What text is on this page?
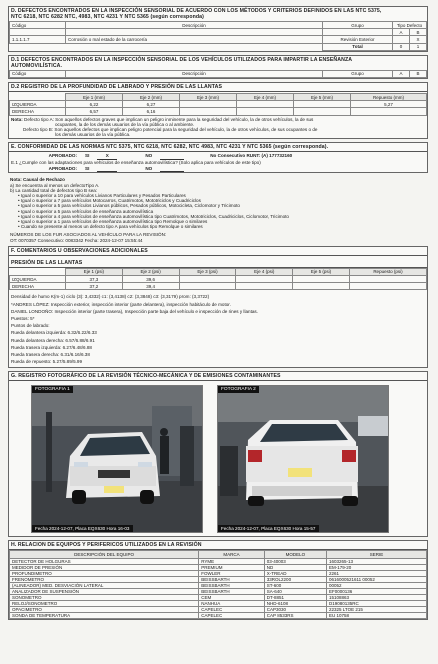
D. DEFECTOS ENCONTRADOS EN LA INSPECCIÓN SENSORIAL DE ACUERDO CON LOS MÉTODOS Y CRITERIOS DEFINIDOS EN LAS NTC 5375,
NTC 6218, NTC 6282 NTC, 4983, NTC 4231 Y NTC 5365 (según corresponda)
Código	Descripción	Grupo	Tipo Defecto	
			A	B
1.1.1.1.7	Corrosión o mal estado de la carrocería	Revisión Exterior		X
		Total	0	1
D.1 DEFECTOS ENCONTRADOS EN LA INSPECCIÓN SENSORIAL DE LOS VEHÍCULOS UTILIZADOS PARA IMPARTIR LA ENSEÑANZA
AUTOMOVILÍSTICA.
Código	Descripción	Grupo	A	B
D.2 REGISTRO DE LA PROFUNDIDAD DE LABRADO Y PRESIÓN DE LAS LLANTAS
	Eje 1 (mm)	Eje 2 (mm)	Eje 3 (mm)	Eje 4 (mm)	Eje 5 (mm)	Repuesto (mm)
IZQUIERDA	6,22	6,27				5,27
DERECHA	6,57	6,16				
Nota: Defecto tipo A: Son aquellos defectos graves que implican un peligro inminente para la seguridad del vehículo, la de otros vehículos, la de sus
ocupantes, la de los demás usuarios de la vía pública o al ambiente.
Defecto tipo B: Son aquellos defectos que implican peligro potencial para la seguridad del vehículo, la de otros vehículos, de sus ocupantes o de
los demás usuarios de la vía pública.
E. CONFORMIDAD DE LAS NORMAS NTC 5375, NTC 6218, NTC 6282, NTC 4983, NTC 4231 Y NTC 5365 (según corresponda).
APROBADO: SI	X	NO	No Consecutivo RUNT: (A) 177732160
E.1 ¿Cumple con las adaptaciones para vehículos de enseñanza automovilística? (Solo aplica para vehículos de este tipo)
APROBADO: SI	NO
Nota: Causal de Rechazo
a) Se encuentra al menos un defectoTipo A.
b) La cantidad total de defectos tipo B sea:
• Igual o superior a 10 para vehículos Livianos Particulares y Pesados Particulares
• Igual o superior a 7 para vehículos Motocarros, Cuatrimotos, Mototriciclos y Cuadriciclos
• Igual o superior a 5 para vehículos Livianos públicos, Pesados públicos, Motocicleta, Ciclomotor y Tricimoto
• Igual o superior a 5 para vehículos de enseñanza automovilística
• Igual o superior a 4 para vehículos de enseñanza automovilística tipo Cuatrimotos, Mototriciclos, Cuadriciclos, Ciclomotor, Tricimoto
• Igual o superior a 1 para vehículos de enseñanza automovilística tipo Remolque o similares
• Cuando se presente al menos un defecto tipo A para vehículos tipo Remolque o similares
NÚMEROS DE LOS FUR ASOCIADOS AL VEHÍCULO PARA LA REVISIÓN:
OT: 0070357 Consecutivo: 0083342 Fecha: 2024-12-07 15:55:44
F. COMENTARIOS U OBSERVACIONES ADICIONALES
PRESIÓN DE LAS LLANTAS
	Eje 1 (psi)	Eje 2 (psi)	Eje 3 (psi)	Eje 4 (psi)	Eje 5 (psi)	Repuesto (psi)
IZQUIERDA	37,3	39,6				
DERECHA	37,2	39,4				
Densidad de humo K(m-1) ciclo (3): 3,4332) c1: (3,4138) c2: (3,3848) c3: (3,3179) prom: (3,3722)
*ANDRES LÓPEZ: Inspección exterior, inspección interior (parte delantera), inspección habitáculo de motor.
DANIEL LONDOÑO: Inspección interior (parte trasera), Inspección parte baja del vehículo e inspección de rines y llantas.
Puestos: 5*
Puntos de labrado:
Rueda delantera izquierda: 6.32/6.22/6.33
Rueda delantera derecha: 6.57/6.88/6.91
Rueda trasera izquierda: 6.27/6.48/6.88
Rueda trasera derecha: 6.31/6.16/6.38
Rueda de repuesto: 5.27/5.89/5.99
G. REGISTRO FOTOGRÁFICO DE LA REVISIÓN TÉCNICO-MECÁNICA Y DE EMISIONES CONTAMINANTES
FOTOGRAFIA 1
Fecha 2024-12-07, Placa EQX630 Hora 16-03
FOTOGRAFIA 2
Fecha 2024-12-07, Placa EQX630 Hora 15-57
H. RELACION DE EQUIPOS Y PERIFERICOS UTILIZADOS EN LA REVISIÓN
DESCRIPCIÓN DEL EQUIPO	MARCA	MODELO	SERIE
DETECTOR DE HOLGURAS	RYME	03-40003	1603265-13
MEDIDOR DE PRESIÓN	PREMIUM	ND	EM-179-20
PROFUNDIMETRO	FOWLER	X-TREAD	2261
FRENOMETRO	BEISSBARTH	33ROL2200	0616000521611 00052
(ALINEADOR) MED. DESVIACIÓN LATERAL	BEISSBARTH	ST-600	00052
ANALIZADOR DE SUSPENSIÓN	BEISSBARTH	SA-640	EF0000136
SONOMETRO	CEM	DT-8851	15108863
RELOJ/SONOMETRO	NANHUA	NHD-6108	D19080135RC
OPACIMETRO	CAPELEC	CAP3030	22325 LTOE 215
SONDA DE TEMPERATURA	CAPELEC	CAP 8533RS	EU 10758
